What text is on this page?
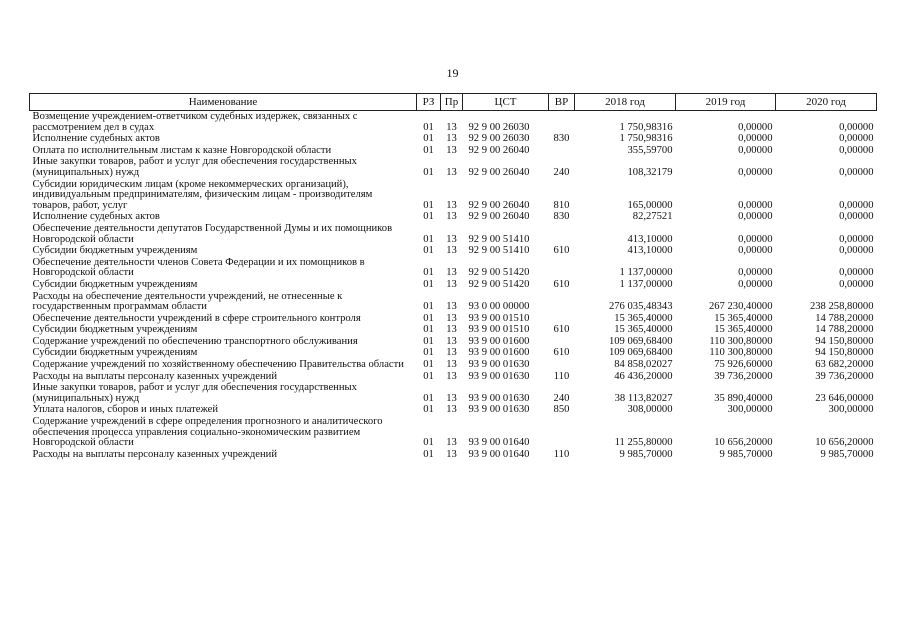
19
Наименование	РЗ	Пр	ЦСТ	ВР	2018 год	2019 год	2020 год
Возмещение учреждением-ответчиком судебных издержек, связанных с рассмотрением дел в судах	01	13	92 9 00 26030		1 750,98316	0,00000	0,00000
Исполнение судебных актов	01	13	92 9 00 26030	830	1 750,98316	0,00000	0,00000
Оплата по исполнительным листам к казне Новгородской области	01	13	92 9 00 26040		355,59700	0,00000	0,00000
Иные закупки товаров, работ и услуг для обеспечения государственных (муниципальных) нужд	01	13	92 9 00 26040	240	108,32179	0,00000	0,00000
Субсидии юридическим лицам (кроме некоммерческих организаций), индивидуальным предпринимателям, физическим лицам - производителям товаров, работ, услуг	01	13	92 9 00 26040	810	165,00000	0,00000	0,00000
Исполнение судебных актов	01	13	92 9 00 26040	830	82,27521	0,00000	0,00000
Обеспечение деятельности депутатов Государственной Думы и их помощников Новгородской области	01	13	92 9 00 51410		413,10000	0,00000	0,00000
Субсидии бюджетным учреждениям	01	13	92 9 00 51410	610	413,10000	0,00000	0,00000
Обеспечение деятельности членов Совета Федерации и их помощников в Новгородской области	01	13	92 9 00 51420		1 137,00000	0,00000	0,00000
Субсидии бюджетным учреждениям	01	13	92 9 00 51420	610	1 137,00000	0,00000	0,00000
Расходы на обеспечение деятельности учреждений, не отнесенные к государственным программам области	01	13	93 0 00 00000		276 035,48343	267 230,40000	238 258,80000
Обеспечение деятельности учреждений в сфере строительного контроля	01	13	93 9 00 01510		15 365,40000	15 365,40000	14 788,20000
Субсидии бюджетным учреждениям	01	13	93 9 00 01510	610	15 365,40000	15 365,40000	14 788,20000
Содержание учреждений по обеспечению транспортного обслуживания	01	13	93 9 00 01600		109 069,68400	110 300,80000	94 150,80000
Субсидии бюджетным учреждениям	01	13	93 9 00 01600	610	109 069,68400	110 300,80000	94 150,80000
Содержание учреждений по хозяйственному обеспечению Правительства области	01	13	93 9 00 01630		84 858,02027	75 926,60000	63 682,20000
Расходы на выплаты персоналу казенных учреждений	01	13	93 9 00 01630	110	46 436,20000	39 736,20000	39 736,20000
Иные закупки товаров, работ и услуг для обеспечения государственных (муниципальных) нужд	01	13	93 9 00 01630	240	38 113,82027	35 890,40000	23 646,00000
Уплата налогов, сборов и иных платежей	01	13	93 9 00 01630	850	308,00000	300,00000	300,00000
Содержание учреждений в сфере определения прогнозного и аналитического обеспечения процесса управления социально-экономическим развитием Новгородской области	01	13	93 9 00 01640		11 255,80000	10 656,20000	10 656,20000
Расходы на выплаты персоналу казенных учреждений	01	13	93 9 00 01640	110	9 985,70000	9 985,70000	9 985,70000
